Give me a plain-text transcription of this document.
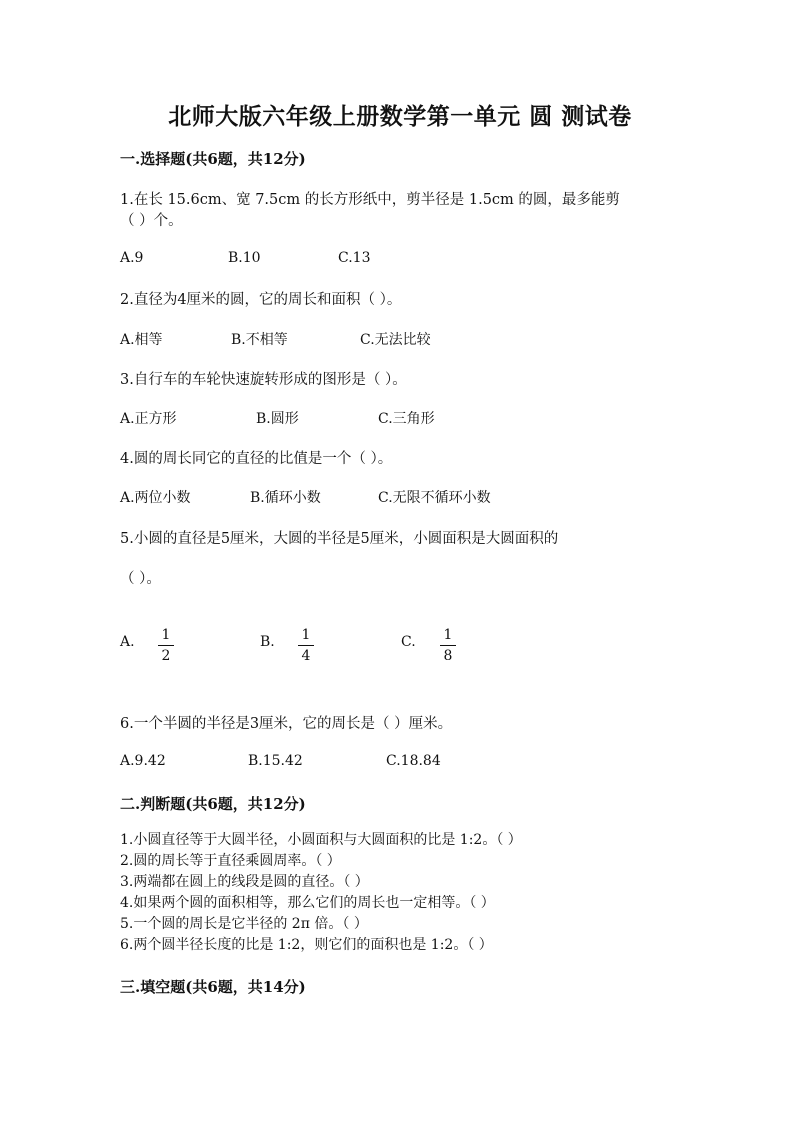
北师大版六年级上册数学第一单元 圆 测试卷
一.选择题(共6题，共12分)
1.在长 15.6cm、宽 7.5cm 的长方形纸中，剪半径是 1.5cm 的圆，最多能剪
（ ）个。
A.9	B.10	C.13
2.直径为4厘米的圆，它的周长和面积（ ）。
A.相等	B.不相等	C.无法比较
3.自行车的车轮快速旋转形成的图形是（ ）。
A.正方形	B.圆形	C.三角形
4.圆的周长同它的直径的比值是一个（ ）。
A.两位小数	B.循环小数	C.无限不循环小数
5.小圆的直径是5厘米，大圆的半径是5厘米，小圆面积是大圆面积的
（ ）。
A. 1
2
B. 1
4
C. 1
8
6.一个半圆的半径是3厘米，它的周长是（ ）厘米。
A.9.42	B.15.42	C.18.84
二.判断题(共6题，共12分)
1.小圆直径等于大圆半径，小圆面积与大圆面积的比是 1:2。（ ）
2.圆的周长等于直径乘圆周率。（ ）
3.两端都在圆上的线段是圆的直径。（ ）
4.如果两个圆的面积相等，那么它们的周长也一定相等。（ ）
5.一个圆的周长是它半径的 2π 倍。（ ）
6.两个圆半径长度的比是 1:2，则它们的面积也是 1:2。（ ）
三.填空题(共6题，共14分)
